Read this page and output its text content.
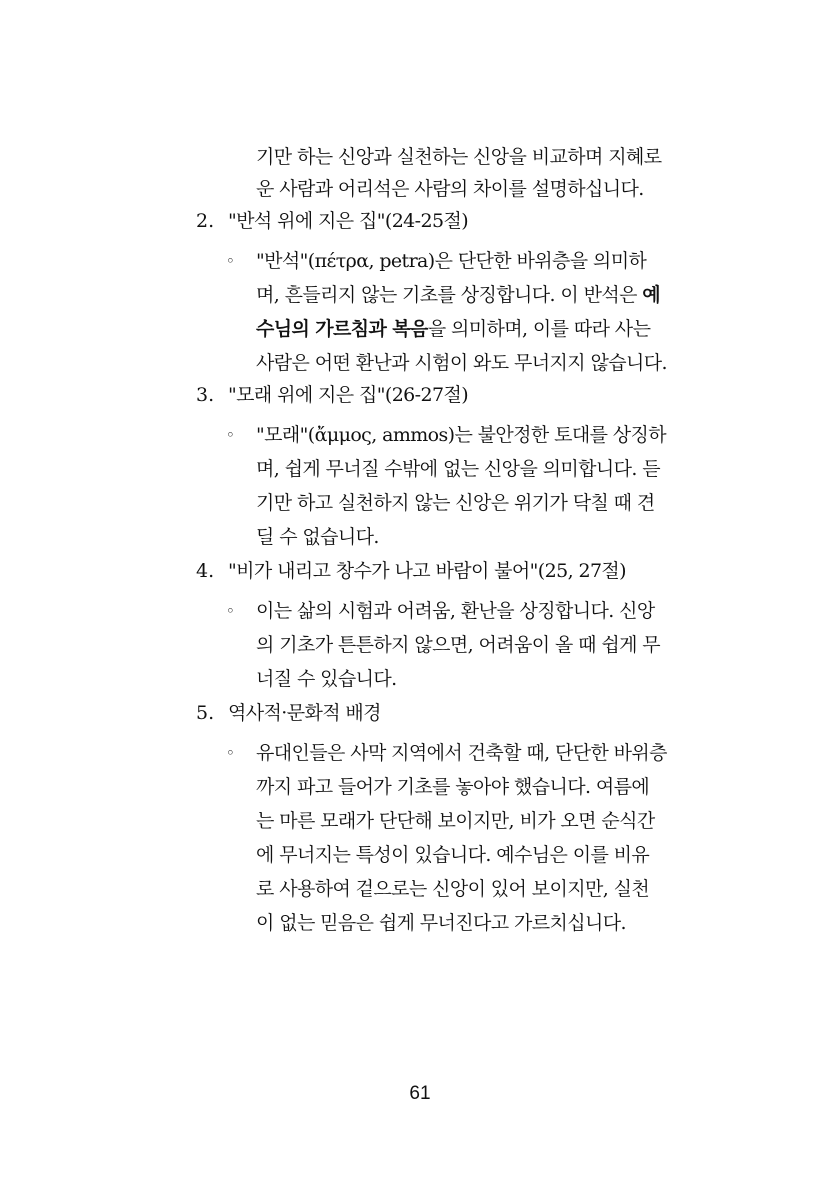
기만 하는 신앙과 실천하는 신앙을 비교하며 지혜로
운 사람과 어리석은 사람의 차이를 설명하십니다.
2. "반석 위에 지은 집"(24-25절)
◦ "반석"(πέτρα, petra)은 단단한 바위층을 의미하
며, 흔들리지 않는 기초를 상징합니다. 이 반석은 예
수님의 가르침과 복음을 의미하며, 이를 따라 사는
사람은 어떤 환난과 시험이 와도 무너지지 않습니다.
3. "모래 위에 지은 집"(26-27절)
◦ "모래"(ἄμμος, ammos)는 불안정한 토대를 상징하
며, 쉽게 무너질 수밖에 없는 신앙을 의미합니다. 듣
기만 하고 실천하지 않는 신앙은 위기가 닥칠 때 견
딜 수 없습니다.
4. "비가 내리고 창수가 나고 바람이 불어"(25, 27절)
◦ 이는 삶의 시험과 어려움, 환난을 상징합니다. 신앙
의 기초가 튼튼하지 않으면, 어려움이 올 때 쉽게 무
너질 수 있습니다.
5. 역사적·문화적 배경
◦ 유대인들은 사막 지역에서 건축할 때, 단단한 바위층
까지 파고 들어가 기초를 놓아야 했습니다. 여름에
는 마른 모래가 단단해 보이지만, 비가 오면 순식간
에 무너지는 특성이 있습니다. 예수님은 이를 비유
로 사용하여 겉으로는 신앙이 있어 보이지만, 실천
이 없는 믿음은 쉽게 무너진다고 가르치십니다.
61
